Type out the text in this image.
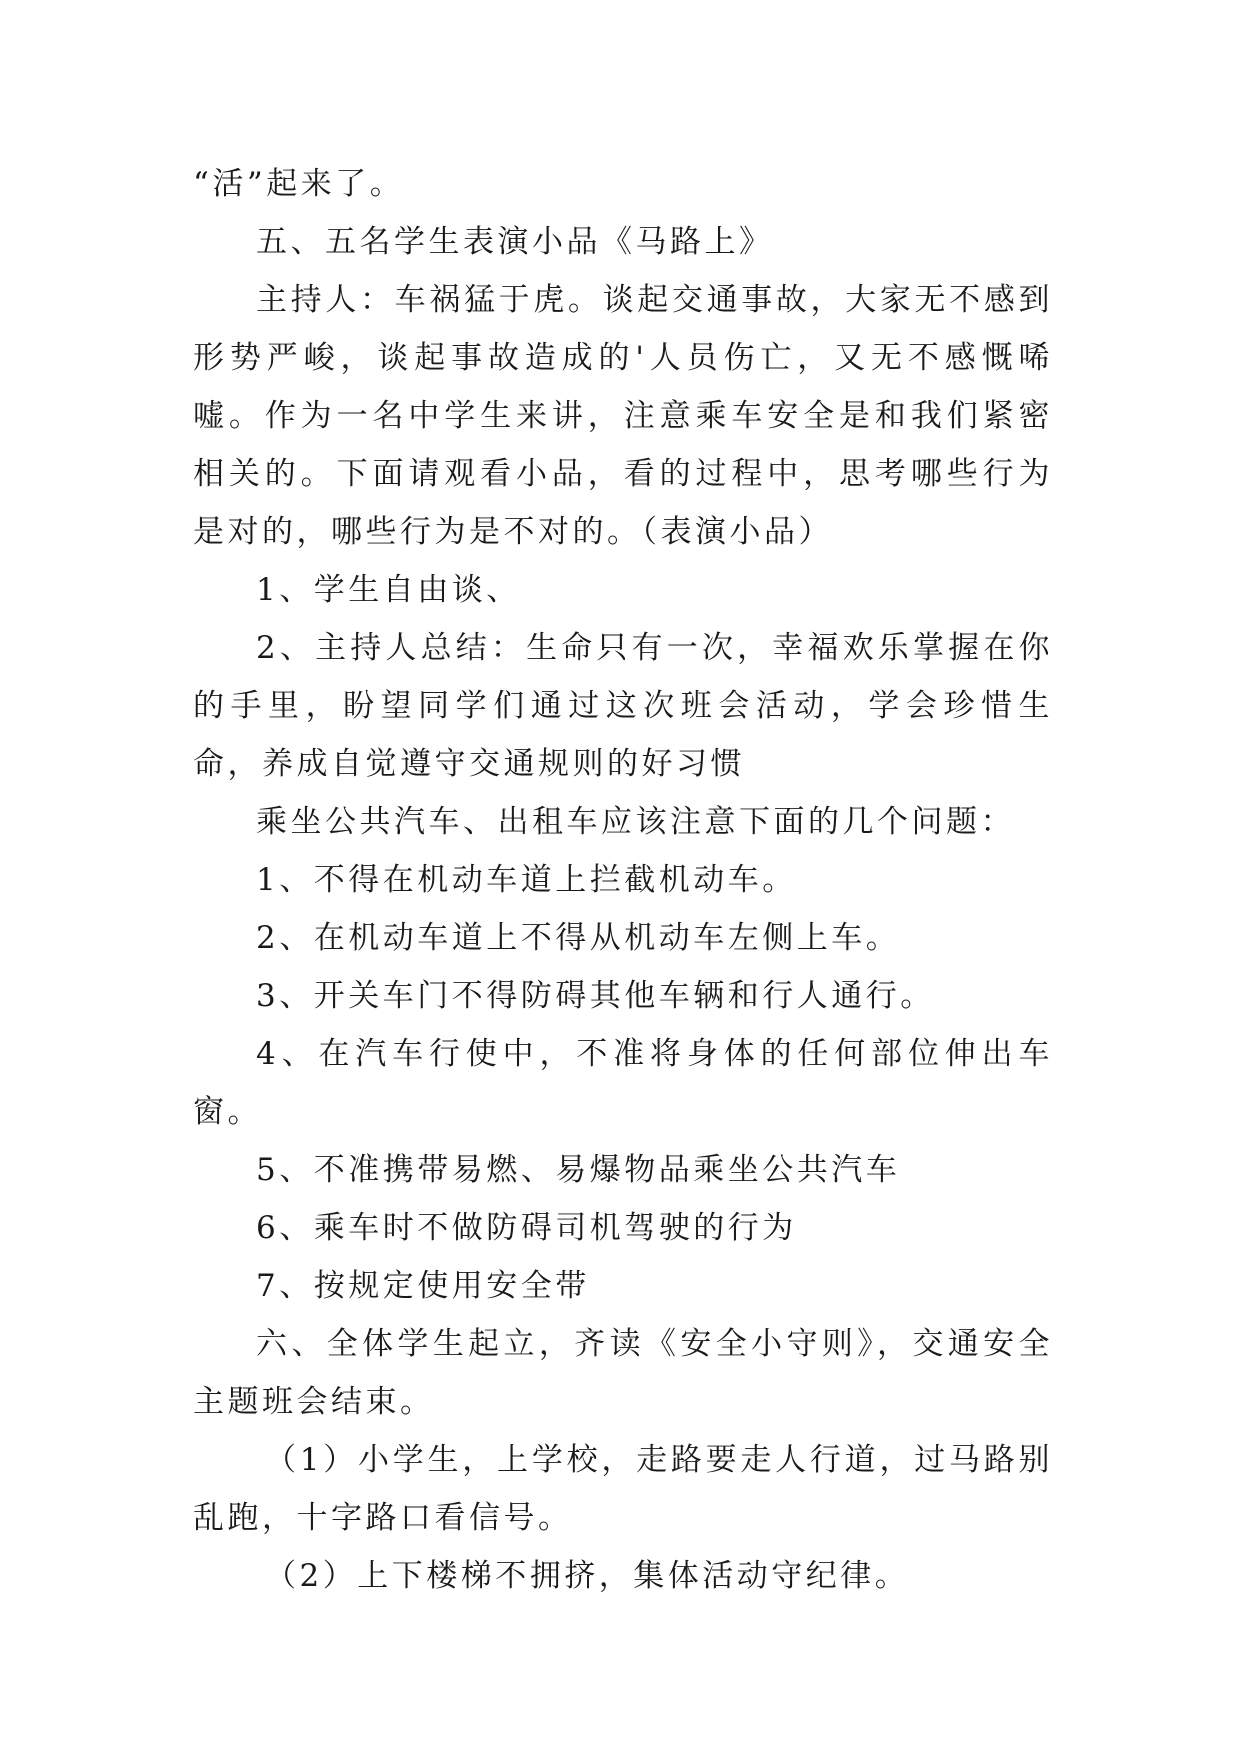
“活”起来了。

五、五名学生表演小品《马路上》

主持人：车祸猛于虎。谈起交通事故，大家无不感到形势严峻，谈起事故造成的'人员伤亡，又无不感慨唏嘘。作为一名中学生来讲，注意乘车安全是和我们紧密相关的。下面请观看小品，看的过程中，思考哪些行为是对的，哪些行为是不对的。（表演小品）

1、学生自由谈、

2、主持人总结：生命只有一次，幸福欢乐掌握在你的手里，盼望同学们通过这次班会活动，学会珍惜生命，养成自觉遵守交通规则的好习惯

乘坐公共汽车、出租车应该注意下面的几个问题：

1、不得在机动车道上拦截机动车。

2、在机动车道上不得从机动车左侧上车。

3、开关车门不得防碍其他车辆和行人通行。

4、在汽车行使中，不准将身体的任何部位伸出车窗。

5、不准携带易燃、易爆物品乘坐公共汽车

6、乘车时不做防碍司机驾驶的行为

7、按规定使用安全带

六、全体学生起立，齐读《安全小守则》，交通安全主题班会结束。

（1）小学生，上学校，走路要走人行道，过马路别乱跑，十字路口看信号。

（2）上下楼梯不拥挤，集体活动守纪律。
